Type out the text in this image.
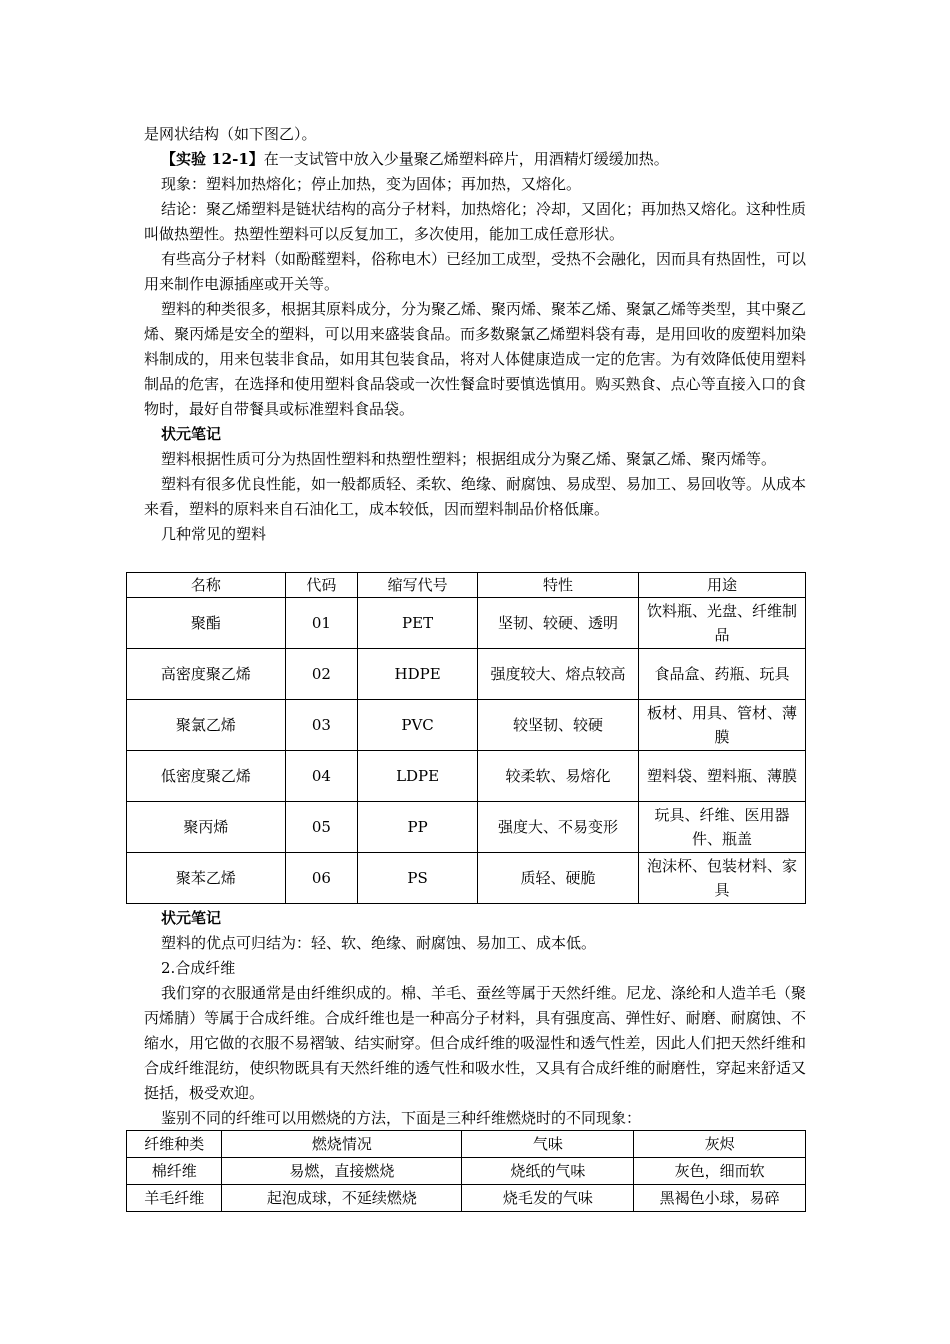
是网状结构（如下图乙）。

【实验 12-1】在一支试管中放入少量聚乙烯塑料碎片，用酒精灯缓缓加热。

现象：塑料加热熔化；停止加热，变为固体；再加热，又熔化。

结论：聚乙烯塑料是链状结构的高分子材料，加热熔化；冷却，又固化；再加热又熔化。这种性质叫做热塑性。热塑性塑料可以反复加工，多次使用，能加工成任意形状。

有些高分子材料（如酚醛塑料，俗称电木）已经加工成型，受热不会融化，因而具有热固性，可以用来制作电源插座或开关等。

塑料的种类很多，根据其原料成分，分为聚乙烯、聚丙烯、聚苯乙烯、聚氯乙烯等类型，其中聚乙烯、聚丙烯是安全的塑料，可以用来盛装食品。而多数聚氯乙烯塑料袋有毒，是用回收的废塑料加染料制成的，用来包装非食品，如用其包装食品，将对人体健康造成一定的危害。为有效降低使用塑料制品的危害，在选择和使用塑料食品袋或一次性餐盒时要慎选慎用。购买熟食、点心等直接入口的食物时，最好自带餐具或标准塑料食品袋。

状元笔记

塑料根据性质可分为热固性塑料和热塑性塑料；根据组成分为聚乙烯、聚氯乙烯、聚丙烯等。

塑料有很多优良性能，如一般都质轻、柔软、绝缘、耐腐蚀、易成型、易加工、易回收等。从成本来看，塑料的原料来自石油化工，成本较低，因而塑料制品价格低廉。

几种常见的塑料

名称	代码	缩写代号	特性	用途
聚酯	01	PET	坚韧、较硬、透明	饮料瓶、光盘、纤维制品
高密度聚乙烯	02	HDPE	强度较大、熔点较高	食品盒、药瓶、玩具
聚氯乙烯	03	PVC	较坚韧、较硬	板材、用具、管材、薄膜
低密度聚乙烯	04	LDPE	较柔软、易熔化	塑料袋、塑料瓶、薄膜
聚丙烯	05	PP	强度大、不易变形	玩具、纤维、医用器件、瓶盖
聚苯乙烯	06	PS	质轻、硬脆	泡沫杯、包装材料、家具

状元笔记

塑料的优点可归结为：轻、软、绝缘、耐腐蚀、易加工、成本低。

2.合成纤维

我们穿的衣服通常是由纤维织成的。棉、羊毛、蚕丝等属于天然纤维。尼龙、涤纶和人造羊毛（聚丙烯腈）等属于合成纤维。合成纤维也是一种高分子材料，具有强度高、弹性好、耐磨、耐腐蚀、不缩水，用它做的衣服不易褶皱、结实耐穿。但合成纤维的吸湿性和透气性差，因此人们把天然纤维和合成纤维混纺，使织物既具有天然纤维的透气性和吸水性，又具有合成纤维的耐磨性，穿起来舒适又挺括，极受欢迎。

鉴别不同的纤维可以用燃烧的方法，下面是三种纤维燃烧时的不同现象：

纤维种类	燃烧情况	气味	灰烬
棉纤维	易燃，直接燃烧	烧纸的气味	灰色，细而软
羊毛纤维	起泡成球，不延续燃烧	烧毛发的气味	黑褐色小球，易碎
